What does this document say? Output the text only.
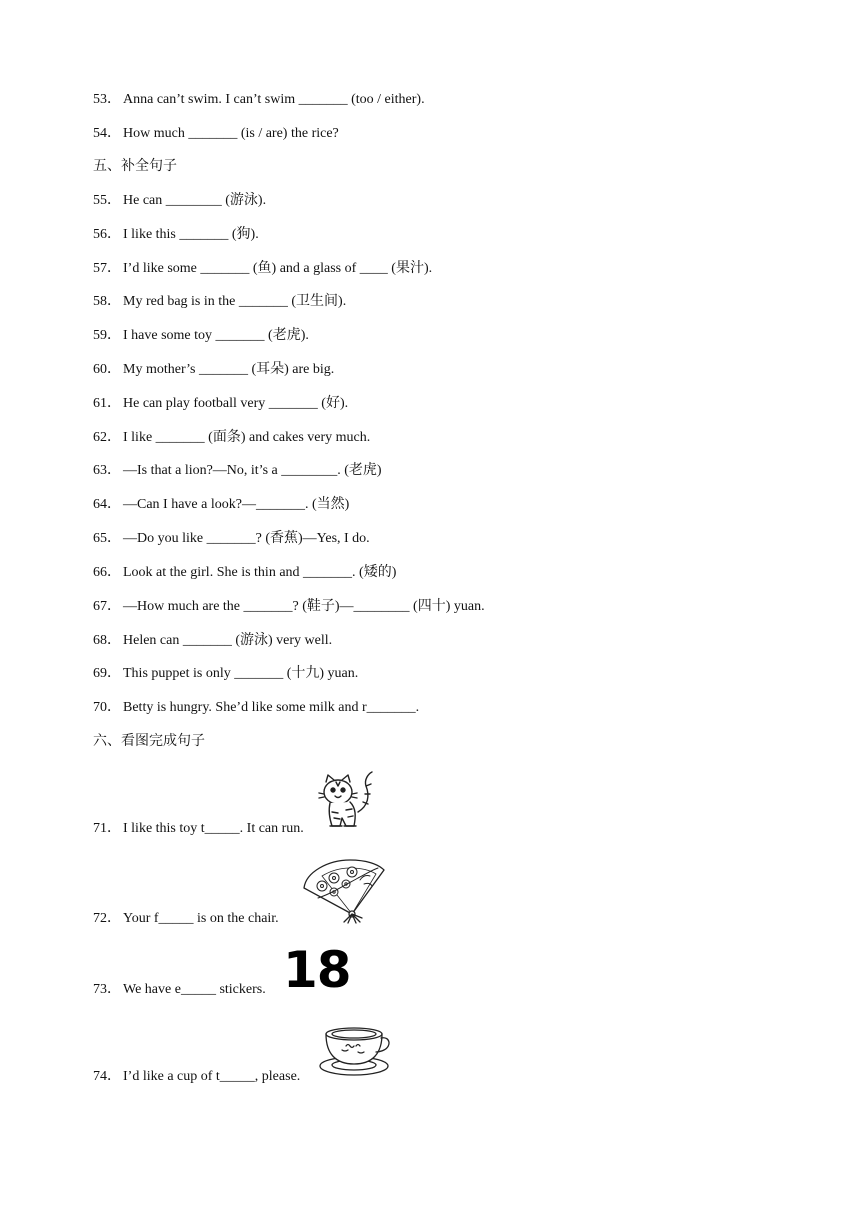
53． Anna can’t swim. I can’t swim _______ (too / either).
54． How much _______ (is / are) the rice?
五、补全句子
55． He can ________ (游泳).
56． I like this _______ (狗).
57． I’d like some _______ (鱼) and a glass of ____ (果汁).
58． My red bag is in the _______ (卫生间).
59． I have some toy _______ (老虎).
60． My mother’s _______ (耳朵) are big.
61． He can play football very _______ (好).
62． I like _______ (面条) and cakes very much.
63． —Is that a lion?—No, it’s a ________. (老虎)
64． —Can I have a look?—_______. (当然)
65． —Do you like _______? (香蕉)—Yes, I do.
66． Look at the girl. She is thin and _______. (矮的)
67． —How much are the _______? (鞋子)—________ (四十) yuan.
68． Helen can _______ (游泳) very well.
69． This puppet is only _______ (十九) yuan.
70． Betty is hungry. She’d like some milk and r_______.
六、看图完成句子
71． I like this toy t_____. It can run.
72． Your f_____ is on the chair.
73． We have e_____ stickers.
74． I’d like a cup of t_____, please.
18
